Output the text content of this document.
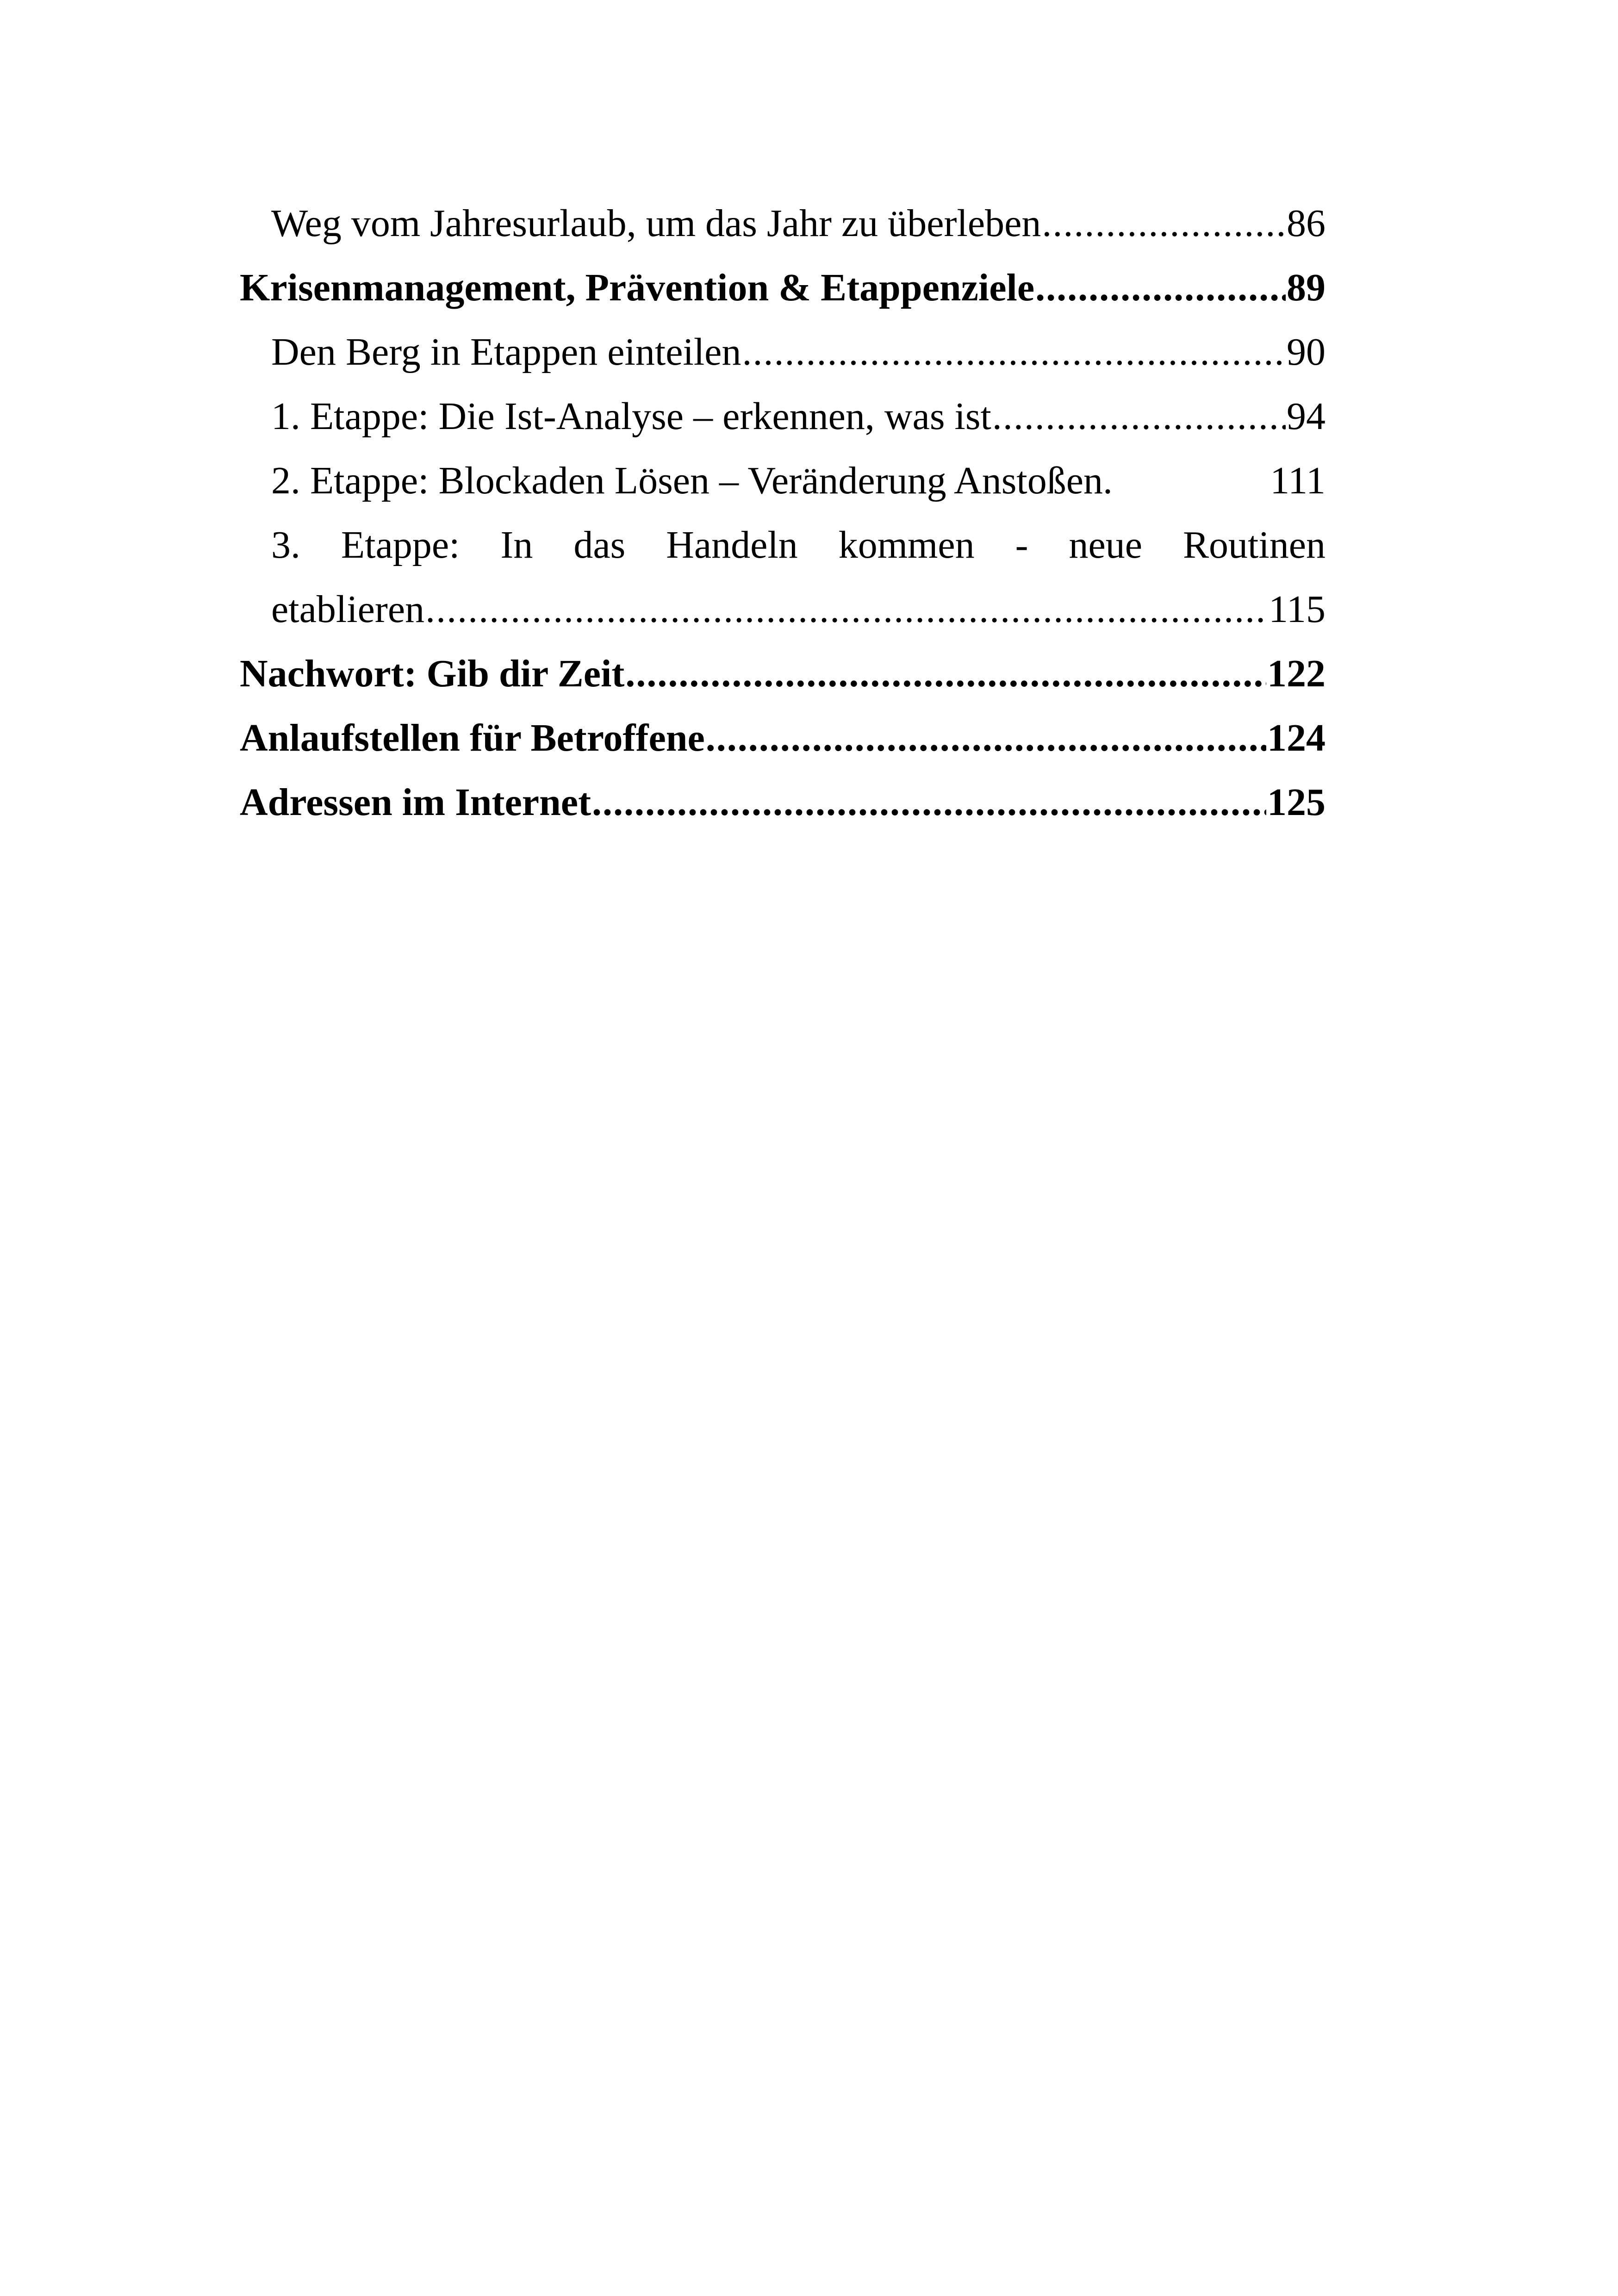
Weg vom Jahresurlaub, um das Jahr zu überleben .....	86
Krisenmanagement, Prävention & Etappenziele .....	89
Den Berg in Etappen einteilen .....	90
1. Etappe: Die Ist-Analyse – erkennen, was ist .....	94
2. Etappe: Blockaden Lösen – Veränderung Anstoßen.	111
3. Etappe: In das Handeln kommen - neue Routinen
etablieren .....	115
Nachwort: Gib dir Zeit .....	122
Anlaufstellen für Betroffene .....	124
Adressen im Internet .....	125
